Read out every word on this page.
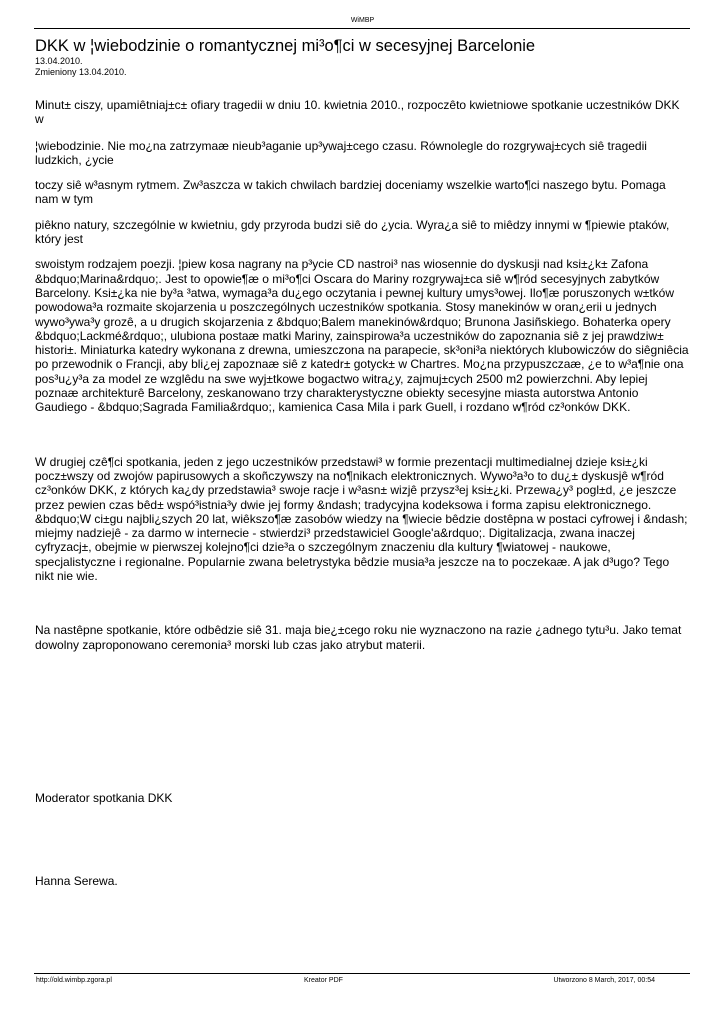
WiMBP
DKK w ¦wiebodzinie o romantycznej mi³o¶ci w secesyjnej Barcelonie
13.04.2010.
Zmieniony 13.04.2010.

Minut± ciszy, upamiêtniaj±c± ofiary tragedii w dniu 10. kwietnia 2010., rozpoczêto kwietniowe spotkanie uczestników DKK w

¦wiebodzinie. Nie mo¿na zatrzymaæ nieub³aganie up³ywaj±cego czasu. Równolegle do rozgrywaj±cych siê tragedii ludzkich, ¿ycie

toczy siê w³asnym rytmem. Zw³aszcza w takich chwilach bardziej doceniamy wszelkie warto¶ci naszego bytu. Pomaga nam w tym

piêkno natury, szczególnie w kwietniu, gdy przyroda budzi siê do ¿ycia. Wyra¿a siê to miêdzy innymi w ¶piewie ptaków, który jest

swoistym rodzajem poezji. ¦piew kosa nagrany na p³ycie CD nastroi³ nas wiosennie do dyskusji nad ksi±¿k± Zafona &bdquo;Marina&rdquo;. Jest to opowie¶æ o mi³o¶ci Oscara do Mariny rozgrywaj±ca siê w¶ród secesyjnych zabytków Barcelony. Ksi±¿ka nie by³a ³atwa, wymaga³a du¿ego oczytania i pewnej kultury umys³owej. Ilo¶æ poruszonych w±tków powodowa³a rozmaite skojarzenia u poszczególnych uczestników spotkania. Stosy manekinów w oran¿erii u jednych wywo³ywa³y grozê, a u drugich skojarzenia z &bdquo;Balem manekinów&rdquo; Brunona Jasiñskiego. Bohaterka opery &bdquo;Lackmé&rdquo;, ulubiona postaæ matki Mariny, zainspirowa³a uczestników do zapoznania siê z jej prawdziw± histori±. Miniaturka katedry wykonana z drewna, umieszczona na parapecie, sk³oni³a niektórych klubowiczów do siêgniêcia po przewodnik o Francji, aby bli¿ej zapoznaæ siê z katedr± gotyck± w Chartres. Mo¿na przypuszczaæ, ¿e to w³a¶nie ona pos³u¿y³a za model ze wzglêdu na swe wyj±tkowe bogactwo witra¿y, zajmuj±cych 2500 m2 powierzchni. Aby lepiej poznaæ architekturê Barcelony, zeskanowano trzy charakterystyczne obiekty secesyjne miasta autorstwa Antonio Gaudiego - &bdquo;Sagrada Familia&rdquo;, kamienica Casa Mila i park Guell, i rozdano w¶ród cz³onków DKK.

W drugiej czê¶ci spotkania, jeden z jego uczestników przedstawi³ w formie prezentacji multimedialnej dzieje ksi±¿ki pocz±wszy od zwojów papirusowych a skoñczywszy na no¶nikach elektronicznych. Wywo³a³o to du¿± dyskusjê w¶ród cz³onków DKK, z których ka¿dy przedstawia³ swoje racje i w³asn± wizjê przysz³ej ksi±¿ki. Przewa¿y³ pogl±d, ¿e jeszcze przez pewien czas bêd± wspó³istnia³y dwie jej formy &ndash; tradycyjna kodeksowa i forma zapisu elektronicznego. &bdquo;W ci±gu najbli¿szych 20 lat, wiêkszo¶æ zasobów wiedzy na ¶wiecie bêdzie dostêpna w postaci cyfrowej i &ndash; miejmy nadziejê - za darmo w internecie - stwierdzi³ przedstawiciel Google'a&rdquo;. Digitalizacja, zwana inaczej cyfryzacj±, obejmie w pierwszej kolejno¶ci dzie³a o szczególnym znaczeniu dla kultury ¶wiatowej - naukowe, specjalistyczne i regionalne. Popularnie zwana beletrystyka bêdzie musia³a jeszcze na to poczekaæ. A jak d³ugo? Tego nikt nie wie.

Na nastêpne spotkanie, które odbêdzie siê 31. maja bie¿±cego roku nie wyznaczono na razie ¿adnego tytu³u. Jako temat dowolny zaproponowano ceremonia³ morski lub czas jako atrybut materii.

Moderator spotkania DKK
Hanna Serewa.
http://old.wimbp.zgora.pl	Kreator PDF	Utworzono 8 March, 2017, 00:54
